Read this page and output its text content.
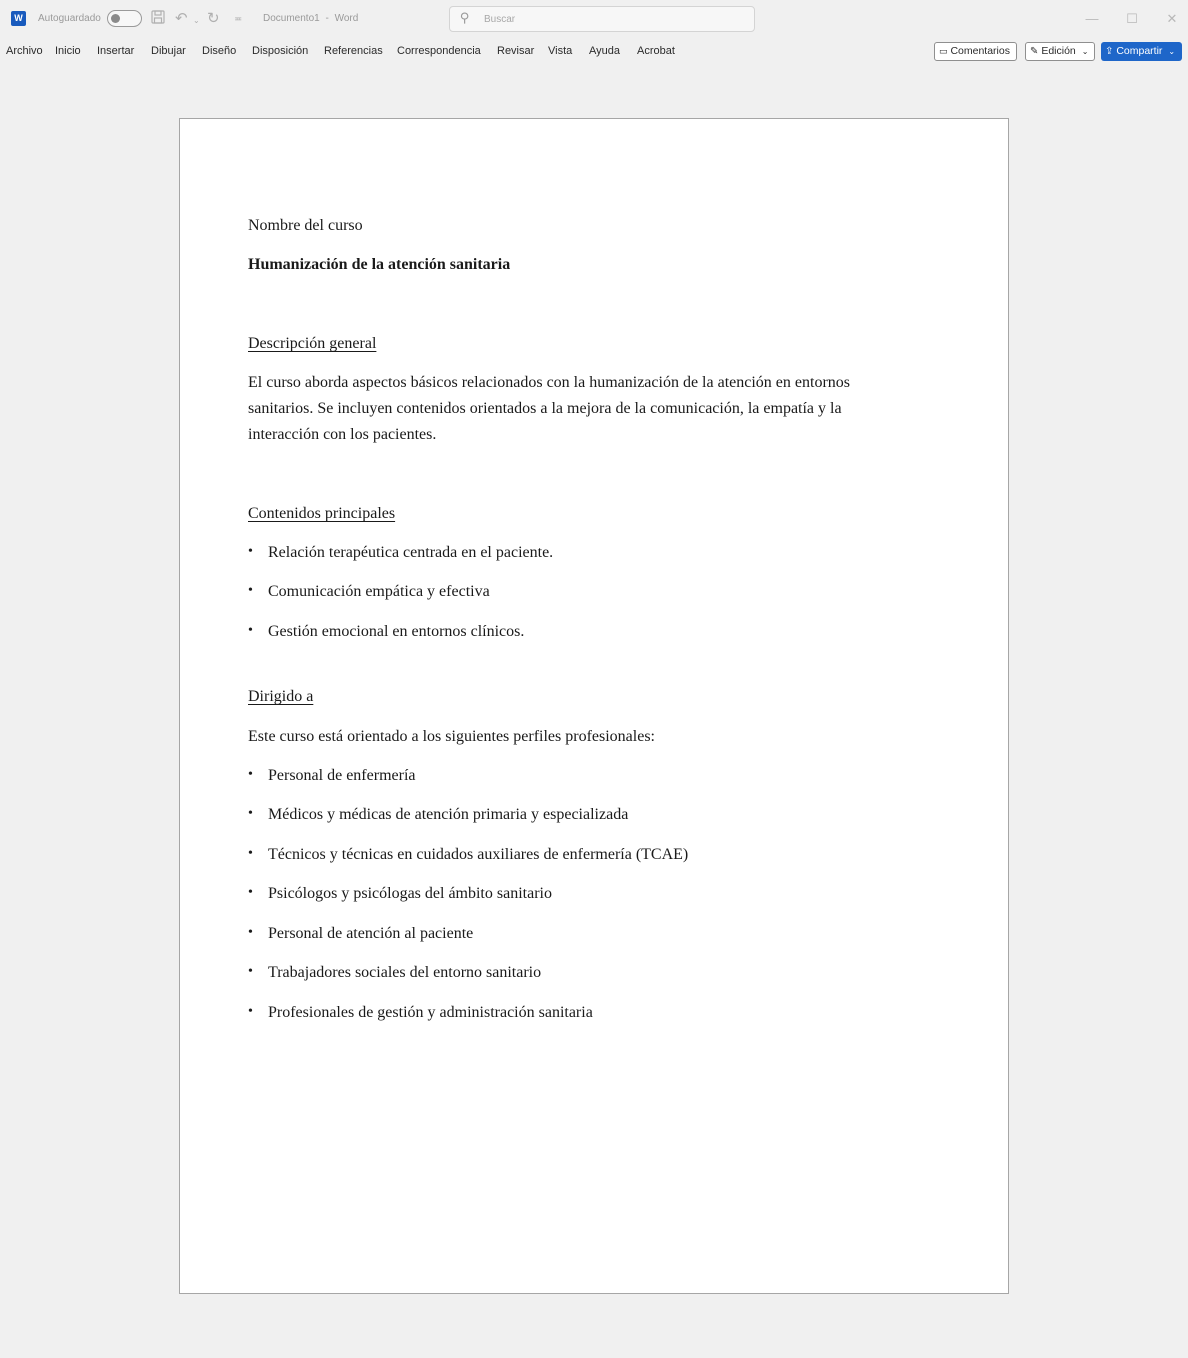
W	Autoguardado	↶ ⌄ ↻ ≖ Documento1 - Word	⚲ Buscar	—	☐	✕
Archivo Inicio Insertar Dibujar Diseño Disposición Referencias Correspondencia Revisar Vista Ayuda Acrobat	▭ Comentarios	✎ Edición ⌄	⇪ Compartir ⌄
Nombre del curso
Humanización de la atención sanitaria
Descripción general
El curso aborda aspectos básicos relacionados con la humanización de la atención en entornos
sanitarios. Se incluyen contenidos orientados a la mejora de la comunicación, la empatía y la
interacción con los pacientes.
Contenidos principales
• Relación terapéutica centrada en el paciente.
• Comunicación empática y efectiva
• Gestión emocional en entornos clínicos.
Dirigido a
Este curso está orientado a los siguientes perfiles profesionales:
• Personal de enfermería
• Médicos y médicas de atención primaria y especializada
• Técnicos y técnicas en cuidados auxiliares de enfermería (TCAE)
• Psicólogos y psicólogas del ámbito sanitario
• Personal de atención al paciente
• Trabajadores sociales del entorno sanitario
• Profesionales de gestión y administración sanitaria
